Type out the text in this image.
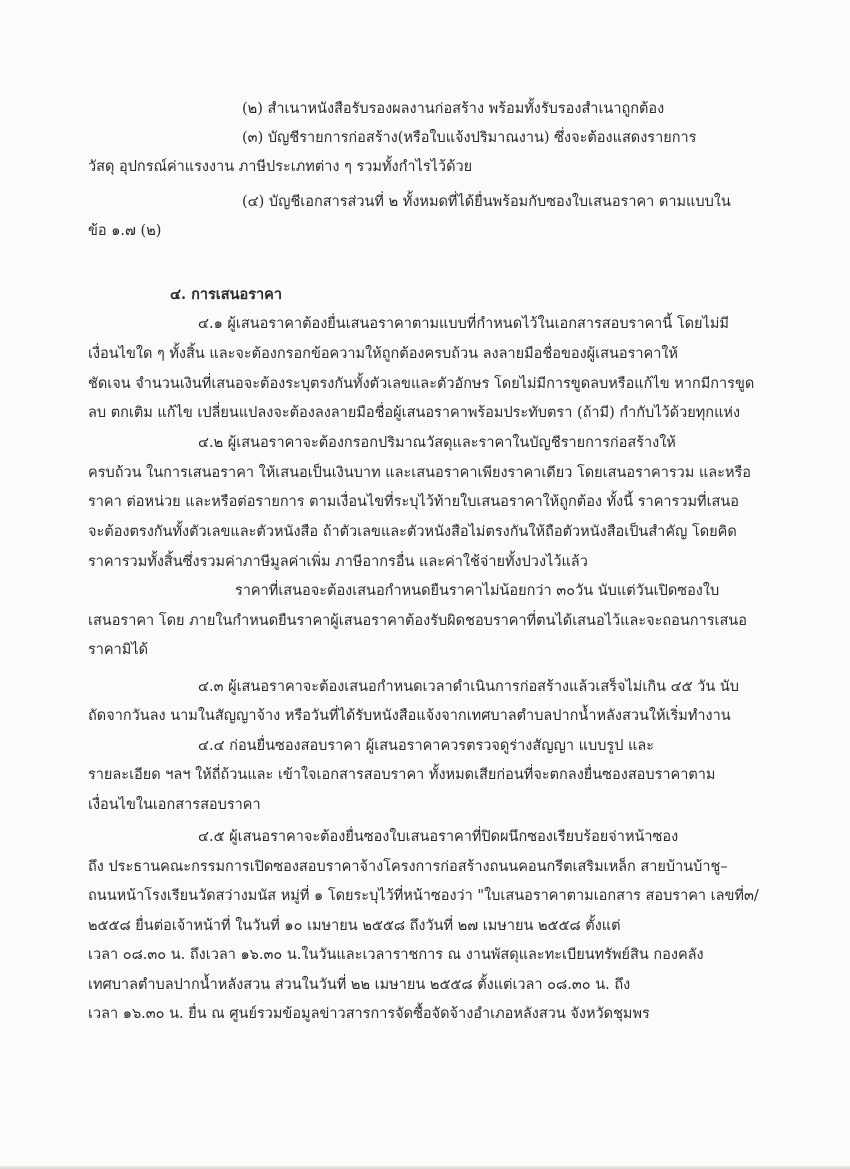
(๒) สำเนาหนังสือรับรองผลงานก่อสร้าง พร้อมทั้งรับรองสำเนาถูกต้อง
(๓) บัญชีรายการก่อสร้าง(หรือใบแจ้งปริมาณงาน) ซึ่งจะต้องแสดงรายการ
วัสดุ อุปกรณ์ค่าแรงงาน ภาษีประเภทต่าง ๆ รวมทั้งกำไรไว้ด้วย
(๔) บัญชีเอกสารส่วนที่ ๒ ทั้งหมดที่ได้ยื่นพร้อมกับซองใบเสนอราคา ตามแบบใน
ข้อ ๑.๗ (๒)
๔. การเสนอราคา
๔.๑ ผู้เสนอราคาต้องยื่นเสนอราคาตามแบบที่กำหนดไว้ในเอกสารสอบราคานี้ โดยไม่มี
เงื่อนไขใด ๆ ทั้งสิ้น และจะต้องกรอกข้อความให้ถูกต้องครบถ้วน ลงลายมือชื่อของผู้เสนอราคาให้
ชัดเจน จำนวนเงินที่เสนอจะต้องระบุตรงกันทั้งตัวเลขและตัวอักษร โดยไม่มีการขูดลบหรือแก้ไข หากมีการขูด
ลบ ตกเติม แก้ไข เปลี่ยนแปลงจะต้องลงลายมือชื่อผู้เสนอราคาพร้อมประทับตรา (ถ้ามี) กำกับไว้ด้วยทุกแห่ง
๔.๒ ผู้เสนอราคาจะต้องกรอกปริมาณวัสดุและราคาในบัญชีรายการก่อสร้างให้
ครบถ้วน ในการเสนอราคา ให้เสนอเป็นเงินบาท และเสนอราคาเพียงราคาเดียว โดยเสนอราคารวม และหรือ
ราคา ต่อหน่วย และหรือต่อรายการ ตามเงื่อนไขที่ระบุไว้ท้ายใบเสนอราคาให้ถูกต้อง ทั้งนี้ ราคารวมที่เสนอ
จะต้องตรงกันทั้งตัวเลขและตัวหนังสือ ถ้าตัวเลขและตัวหนังสือไม่ตรงกันให้ถือตัวหนังสือเป็นสำคัญ โดยคิด
ราคารวมทั้งสิ้นซึ่งรวมค่าภาษีมูลค่าเพิ่ม ภาษีอากรอื่น และค่าใช้จ่ายทั้งปวงไว้แล้ว
ราคาที่เสนอจะต้องเสนอกำหนดยืนราคาไม่น้อยกว่า ๓๐วัน นับแต่วันเปิดซองใบ
เสนอราคา โดย ภายในกำหนดยืนราคาผู้เสนอราคาต้องรับผิดชอบราคาที่ตนได้เสนอไว้และจะถอนการเสนอ
ราคามิได้
๔.๓ ผู้เสนอราคาจะต้องเสนอกำหนดเวลาดำเนินการก่อสร้างแล้วเสร็จไม่เกิน ๔๕ วัน นับ
ถัดจากวันลง นามในสัญญาจ้าง หรือวันที่ได้รับหนังสือแจ้งจากเทศบาลตำบลปากน้ำหลังสวนให้เริ่มทำงาน
๔.๔ ก่อนยื่นซองสอบราคา ผู้เสนอราคาควรตรวจดูร่างสัญญา แบบรูป และ
รายละเอียด ฯลฯ ให้ถี่ถ้วนและ เข้าใจเอกสารสอบราคา ทั้งหมดเสียก่อนที่จะตกลงยื่นซองสอบราคาตาม
เงื่อนไขในเอกสารสอบราคา
๔.๕ ผู้เสนอราคาจะต้องยื่นซองใบเสนอราคาที่ปิดผนึกซองเรียบร้อยจ่าหน้าซอง
ถึง ประธานคณะกรรมการเปิดซองสอบราคาจ้างโครงการก่อสร้างถนนคอนกรีตเสริมเหล็ก สายบ้านบ้าชู–
ถนนหน้าโรงเรียนวัดสว่างมนัส หมู่ที่ ๑ โดยระบุไว้ที่หน้าซองว่า "ใบเสนอราคาตามเอกสาร สอบราคา เลขที่๓/
๒๕๕๘ ยื่นต่อเจ้าหน้าที่ ในวันที่ ๑๐ เมษายน ๒๕๕๘ ถึงวันที่ ๒๗ เมษายน ๒๕๕๘ ตั้งแต่
เวลา ๐๘.๓๐ น. ถึงเวลา ๑๖.๓๐ น.ในวันและเวลาราชการ ณ งานพัสดุและทะเบียนทรัพย์สิน กองคลัง
เทศบาลตำบลปากน้ำหลังสวน ส่วนในวันที่ ๒๒ เมษายน ๒๕๕๘ ตั้งแต่เวลา ๐๘.๓๐ น. ถึง
เวลา ๑๖.๓๐ น. ยื่น ณ ศูนย์รวมข้อมูลข่าวสารการจัดซื้อจัดจ้างอำเภอหลังสวน จังหวัดชุมพร
